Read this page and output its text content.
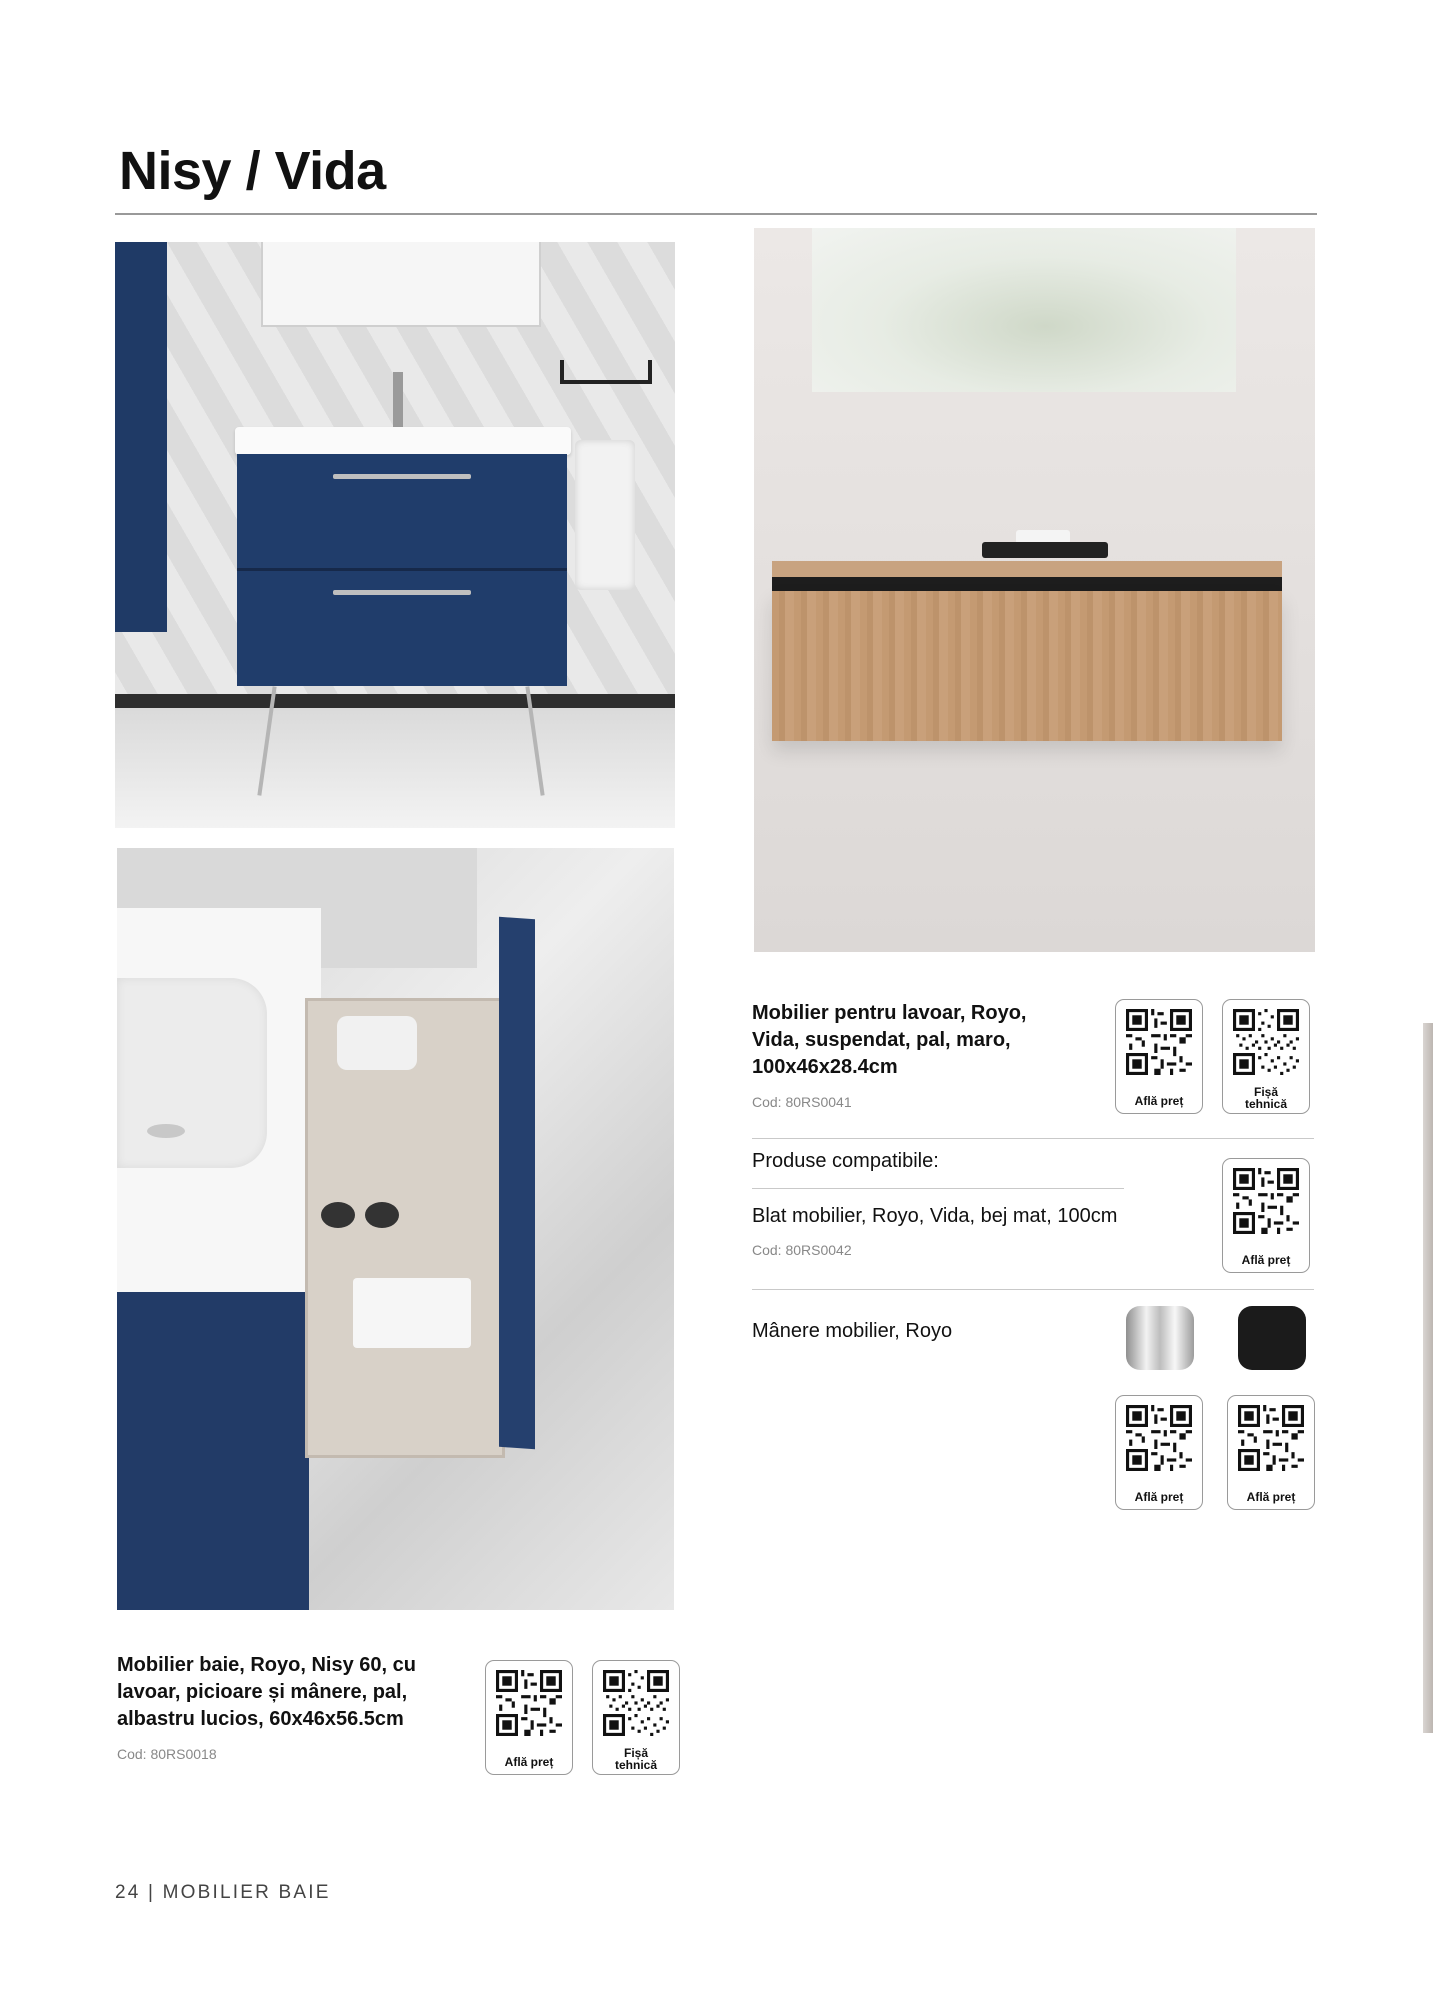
Nisy / Vida
Mobilier pentru lavoar, Royo,
Vida, suspendat, pal, maro,
100x46x28.4cm
Cod: 80RS0041	Află preț
Fișă
tehnică
Produse compatibile:
Blat mobilier, Royo, Vida, bej mat, 100cm
Cod: 80RS0042
Află preț
Mânere mobilier, Royo
Află preț	Află preț
Mobilier baie, Royo, Nisy 60, cu
lavoar, picioare și mânere, pal,
albastru lucios, 60x46x56.5cm
Cod: 80RS0018	Află preț
Fișă
tehnică
24 | MOBILIER BAIE
